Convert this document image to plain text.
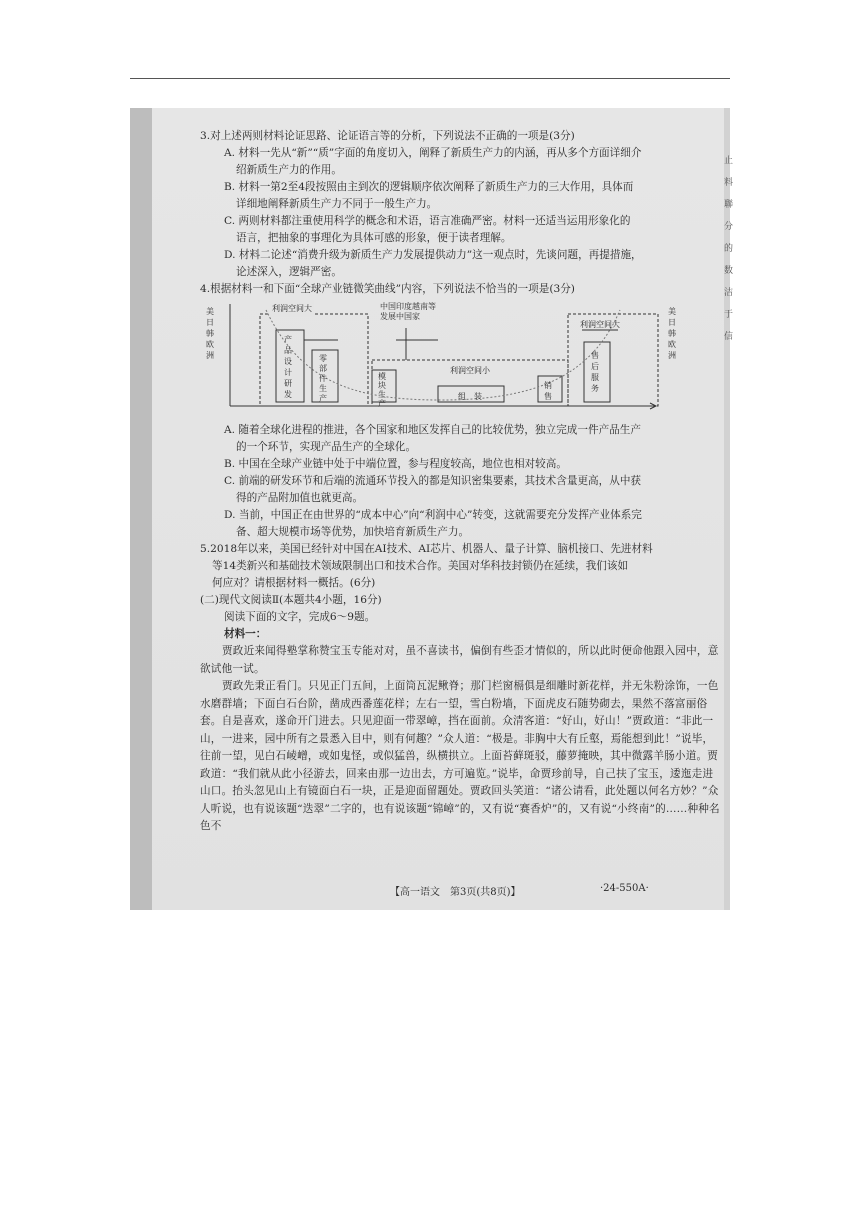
3.对上述两则材料论证思路、论证语言等的分析，下列说法不正确的一项是(3分)

A. 材料一先从“新”“质”字面的角度切入，阐释了新质生产力的内涵，再从多个方面详细介
绍新质生产力的作用。

B. 材料一第2至4段按照由主到次的逻辑顺序依次阐释了新质生产力的三大作用，具体而
详细地阐释新质生产力不同于一般生产力。

C. 两则材料都注重使用科学的概念和术语，语言准确严密。材料一还适当运用形象化的
语言，把抽象的事理化为具体可感的形象，便于读者理解。

D. 材料二论述“消费升级为新质生产力发展提供动力”这一观点时，先谈问题，再提措施，
论述深入，逻辑严密。

4.根据材料一和下面“全球产业链微笑曲线”内容，下列说法不恰当的一项是(3分)

美日韩欧洲
美日韩欧洲
利润空间大	中国印度越南等发展中国家
利润空间小
利润空间大
产品设计研发
零部件生产
模块生产
组装
销售
售后服务

A. 随着全球化进程的推进，各个国家和地区发挥自己的比较优势，独立完成一件产品生产
的一个环节，实现产品生产的全球化。

B. 中国在全球产业链中处于中端位置，参与程度较高，地位也相对较高。

C. 前端的研发环节和后端的流通环节投入的都是知识密集要素，其技术含量更高，从中获
得的产品附加值也就更高。

D. 当前，中国正在由世界的“成本中心”向“利润中心”转变，这就需要充分发挥产业体系完
备、超大规模市场等优势，加快培育新质生产力。

5.2018年以来，美国已经针对中国在AI技术、AI芯片、机器人、量子计算、脑机接口、先进材料

等14类新兴和基础技术领域限制出口和技术合作。美国对华科技封锁仍在延续，我们该如

何应对？请根据材料一概括。(6分)

(二)现代文阅读Ⅱ(本题共4小题，16分)

阅读下面的文字，完成6～9题。

材料一：

贾政近来闻得塾掌称赞宝玉专能对对，虽不喜读书，偏倒有些歪才情似的，所以此时便命他跟入园中，意欲试他一试。

贾政先秉正看门。只见正门五间，上面筒瓦泥鳅脊；那门栏窗槅俱是细雕时新花样，并无朱粉涂饰，一色水磨群墙；下面白石台阶，凿成西番莲花样；左右一望，雪白粉墙，下面虎皮石随势砌去，果然不落富丽俗套。自是喜欢，遂命开门进去。只见迎面一带翠嶂，挡在面前。众清客道：“好山，好山！”贾政道：“非此一山，一进来，园中所有之景悉入目中，则有何趣？”众人道：“极是。非胸中大有丘壑，焉能想到此！”说毕，往前一望，见白石崚嶒，或如鬼怪，或似猛兽，纵横拱立。上面苔藓斑驳，藤萝掩映，其中微露羊肠小道。贾政道：“我们就从此小径游去，回来由那一边出去，方可遍览。”说毕，命贾珍前导，自己扶了宝玉，逶迤走进山口。抬头忽见山上有镜面白石一块，正是迎面留题处。贾政回头笑道：“诸公请看，此处题以何名方妙？”众人听说，也有说该题“迭翠”二字的，也有说该题“锦嶂”的，又有说“赛香炉”的，又有说“小终南”的……种种名色不

【高一语文　第3页(共8页)】	·24-550A·
止料聯分的数洁于信
